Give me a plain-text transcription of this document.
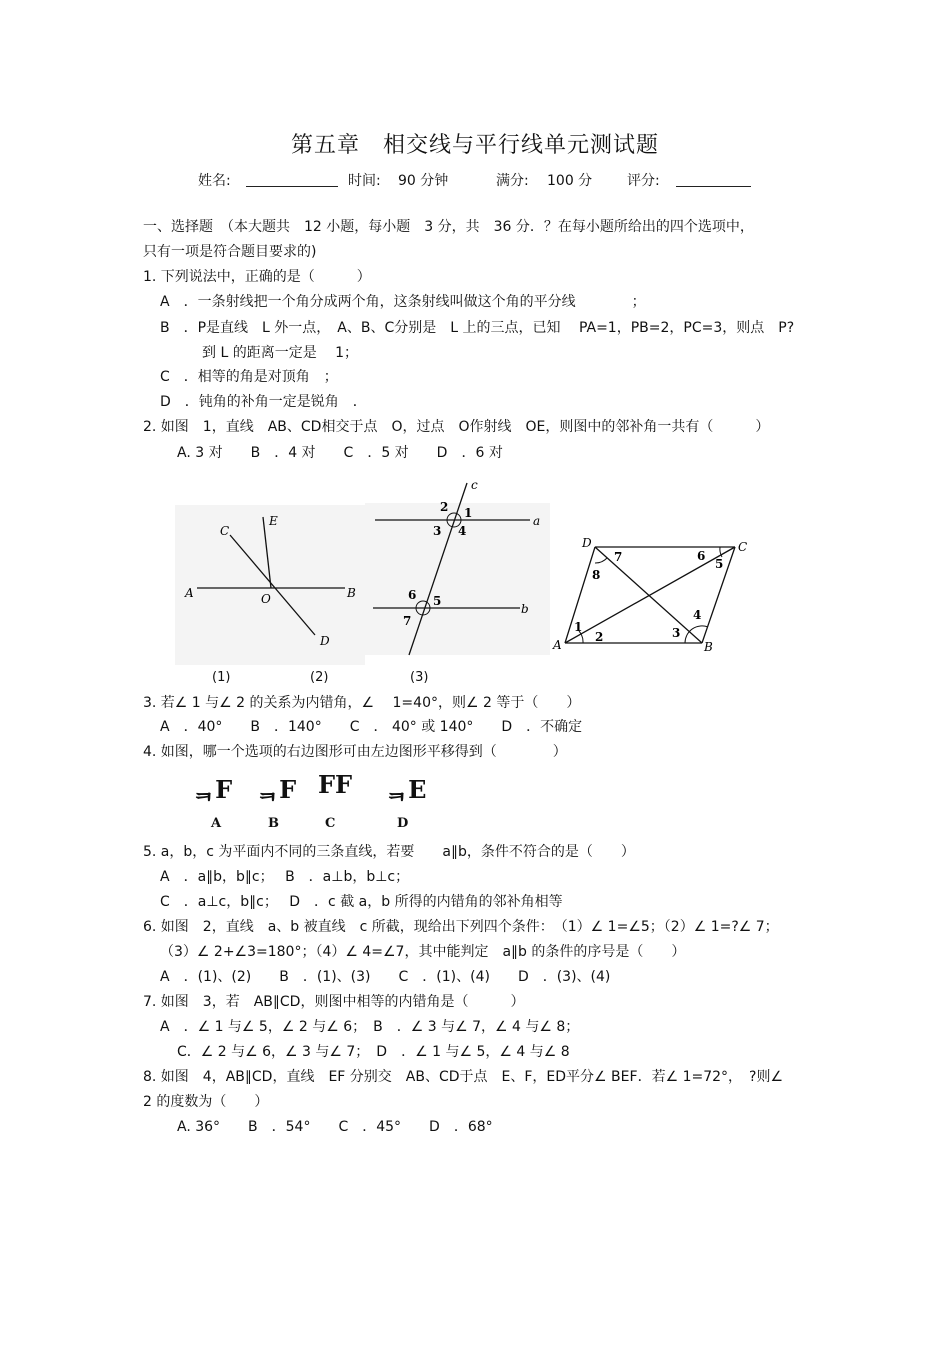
第五章　相交线与平行线单元测试题
姓名:	时间: 90 分钟	满分: 100 分 评分:
一、选择题　（本大题共　12 小题，每小题　3 分，共　36 分．？在每小题所给出的四个选项中，
只有一项是符合题目要求的)
1. 下列说法中，正确的是（　　　）
A　．一条射线把一个角分成两个角，这条射线叫做这个角的平分线　　　　；
B　．P是直线　L 外一点，　A、B、C分别是　L 上的三点，已知　 PA=1，PB=2，PC=3，则点　P?
到 L 的距离一定是　 1；
C　．相等的角是对顶角　；
D　．钝角的补角一定是锐角　．
2. 如图　1，直线　AB、CD相交于点　O，过点　O作射线　OE，则图中的邻补角一共有（　　　）
A. 3 对　　B　．4 对　　C　．5 对　　D　．6 对
C
E
A	O	B
D
c
a
b
2 1
3 4
6 5
7
D	C
A	B
7	6
5
8
4
1
2	3
(1)	(2)	(3)
3. 若∠ 1 与∠ 2 的关系为内错角，∠　 1=40°，则∠ 2 等于（　　）
A　．40°　　B　．140°　　C　． 40° 或 140°　　D　．不确定
4. 如图，哪一个选项的右边图形可由左边图形平移得到（　　　　）
ᆿF ᆿF FF ᆿE
A	B	C	D
5. a，b，c 为平面内不同的三条直线，若要　　a∥b，条件不符合的是（　　）
A　．a∥b，b∥c；　 B　．a⊥b，b⊥c；
C　．a⊥c，b∥c；　 D　．c 截 a，b 所得的内错角的邻补角相等
6. 如图　2，直线　a、b 被直线　c 所截，现给出下列四个条件：　（1）∠ 1=∠5；（2）∠ 1=?∠ 7；
（3）∠ 2+∠3=180°；（4）∠ 4=∠7，其中能判定　a∥b 的条件的序号是（　　）
A　．(1)、(2)　　B　．(1)、(3)　　C　．(1)、(4)　　D　．(3)、(4)
7. 如图　3，若　AB∥CD，则图中相等的内错角是（　　　）
A　．∠ 1 与∠ 5，∠ 2 与∠ 6；　B　．∠ 3 与∠ 7，∠ 4 与∠ 8；
C．∠ 2 与∠ 6，∠ 3 与∠ 7；　D　．∠ 1 与∠ 5，∠ 4 与∠ 8
8. 如图　4，AB∥CD，直线　EF 分别交　AB、CD于点　E、F，ED平分∠ BEF．若∠ 1=72°，　?则∠
2 的度数为（　　）
A. 36°　　B　．54°　　C　．45°　　D　．68°
